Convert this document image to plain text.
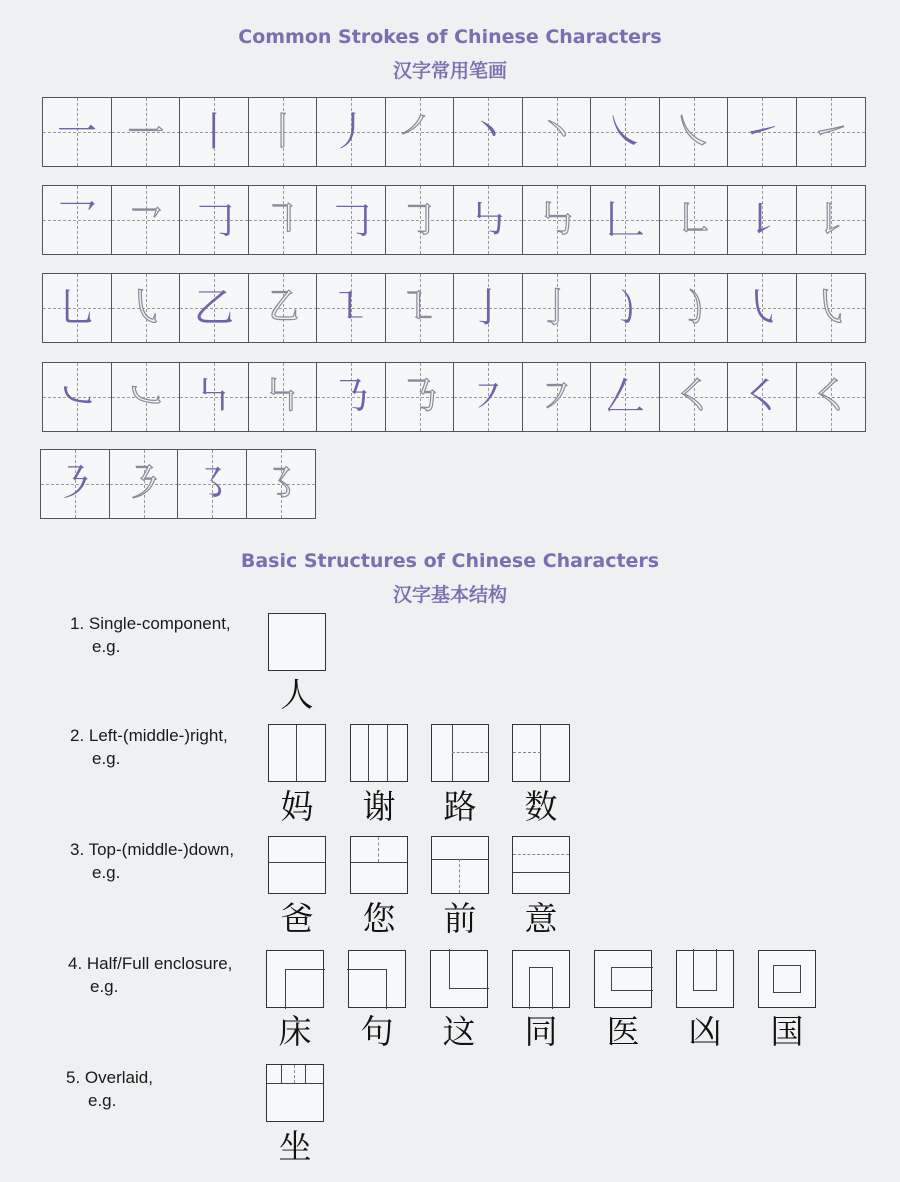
Common Strokes of Chinese Characters
汉字常用笔画
一 ㇐ 丨 ㇑ 丿 ㇒ 丶 ㇔ ㇏ ㇏ ㇀ ㇀
乛 ㇖ 𠃌 ㇕ 𠃌 ㇆ ㇉ ㇉ 𠃊 ㇗ ㇙ ㇙
乚 ㇂ 乙 ㇠ ㇅ ㇅ 亅 亅 ㇁ ㇁ ㇂ ㇂
㇃ ㇃ ㇞ ㇞ ㇡ ㇡ ㇇ ㇇ 𠃋 ㇛ ㇛ ㇛
㇋ ㇋ ㇌ ㇌
Basic Structures of Chinese Characters
汉字基本结构
1. Single-component,
e.g.
人
2. Left-(middle-)right,
e.g.
妈	谢	路	数
3. Top-(middle-)down,
e.g.
爸	您	前	意
4. Half/Full enclosure,
e.g.
床	句	这	同	医	凶	国
5. Overlaid,
e.g.
坐
